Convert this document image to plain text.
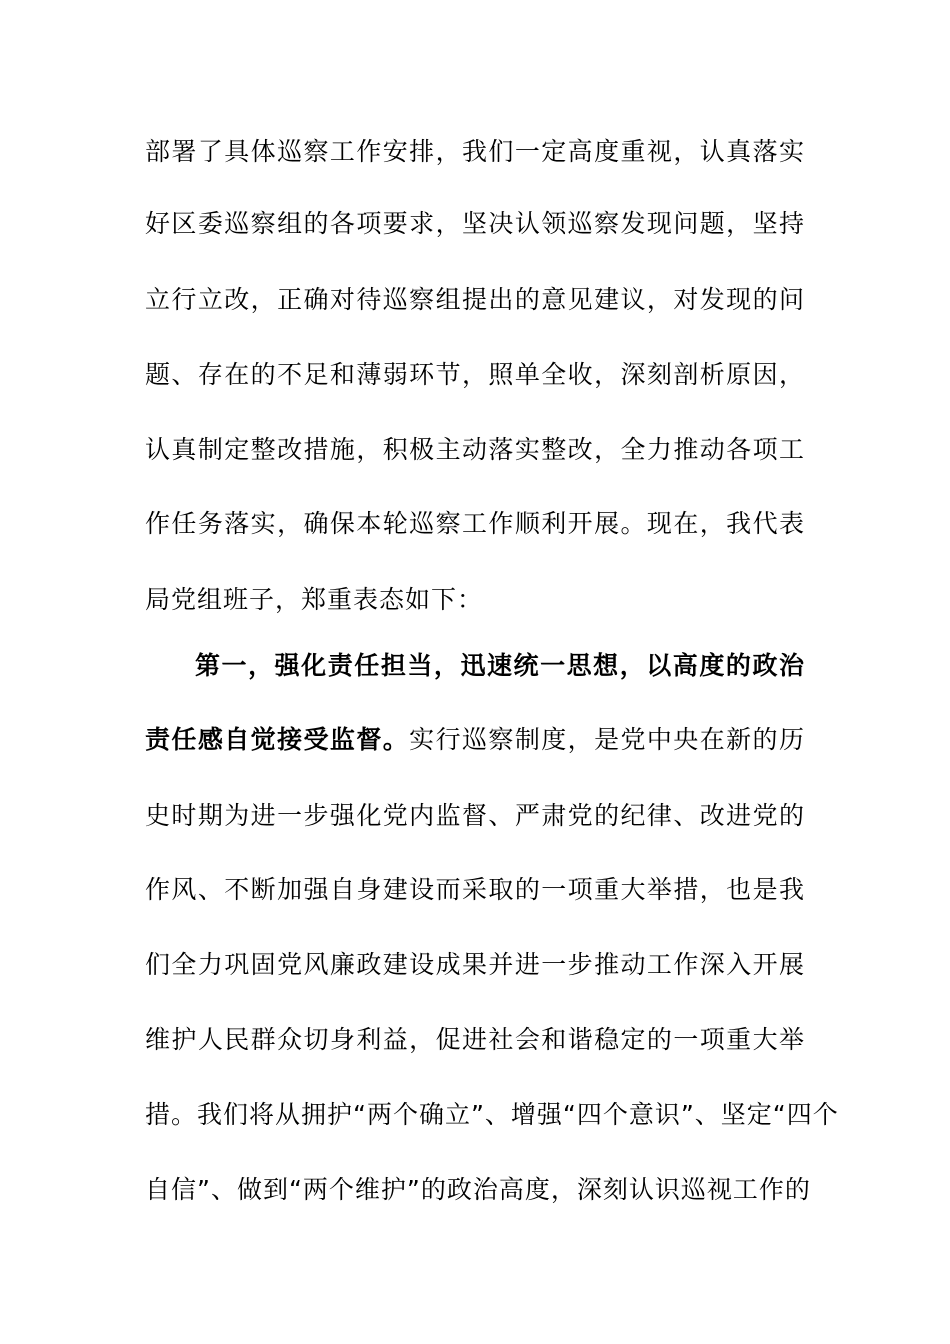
部署了具体巡察工作安排，我们一定高度重视，认真落实
好区委巡察组的各项要求，坚决认领巡察发现问题，坚持
立行立改，正确对待巡察组提出的意见建议，对发现的问
题、存在的不足和薄弱环节，照单全收，深刻剖析原因，
认真制定整改措施，积极主动落实整改，全力推动各项工
作任务落实，确保本轮巡察工作顺利开展。现在，我代表
局党组班子，郑重表态如下：
第一，强化责任担当，迅速统一思想，以高度的政治
责任感自觉接受监督。实行巡察制度，是党中央在新的历
史时期为进一步强化党内监督、严肃党的纪律、改进党的
作风、不断加强自身建设而采取的一项重大举措，也是我
们全力巩固党风廉政建设成果并进一步推动工作深入开展
维护人民群众切身利益，促进社会和谐稳定的一项重大举
措。我们将从拥护“两个确立”、增强“四个意识”、坚定“四个
自信”、做到“两个维护”的政治高度，深刻认识巡视工作的
